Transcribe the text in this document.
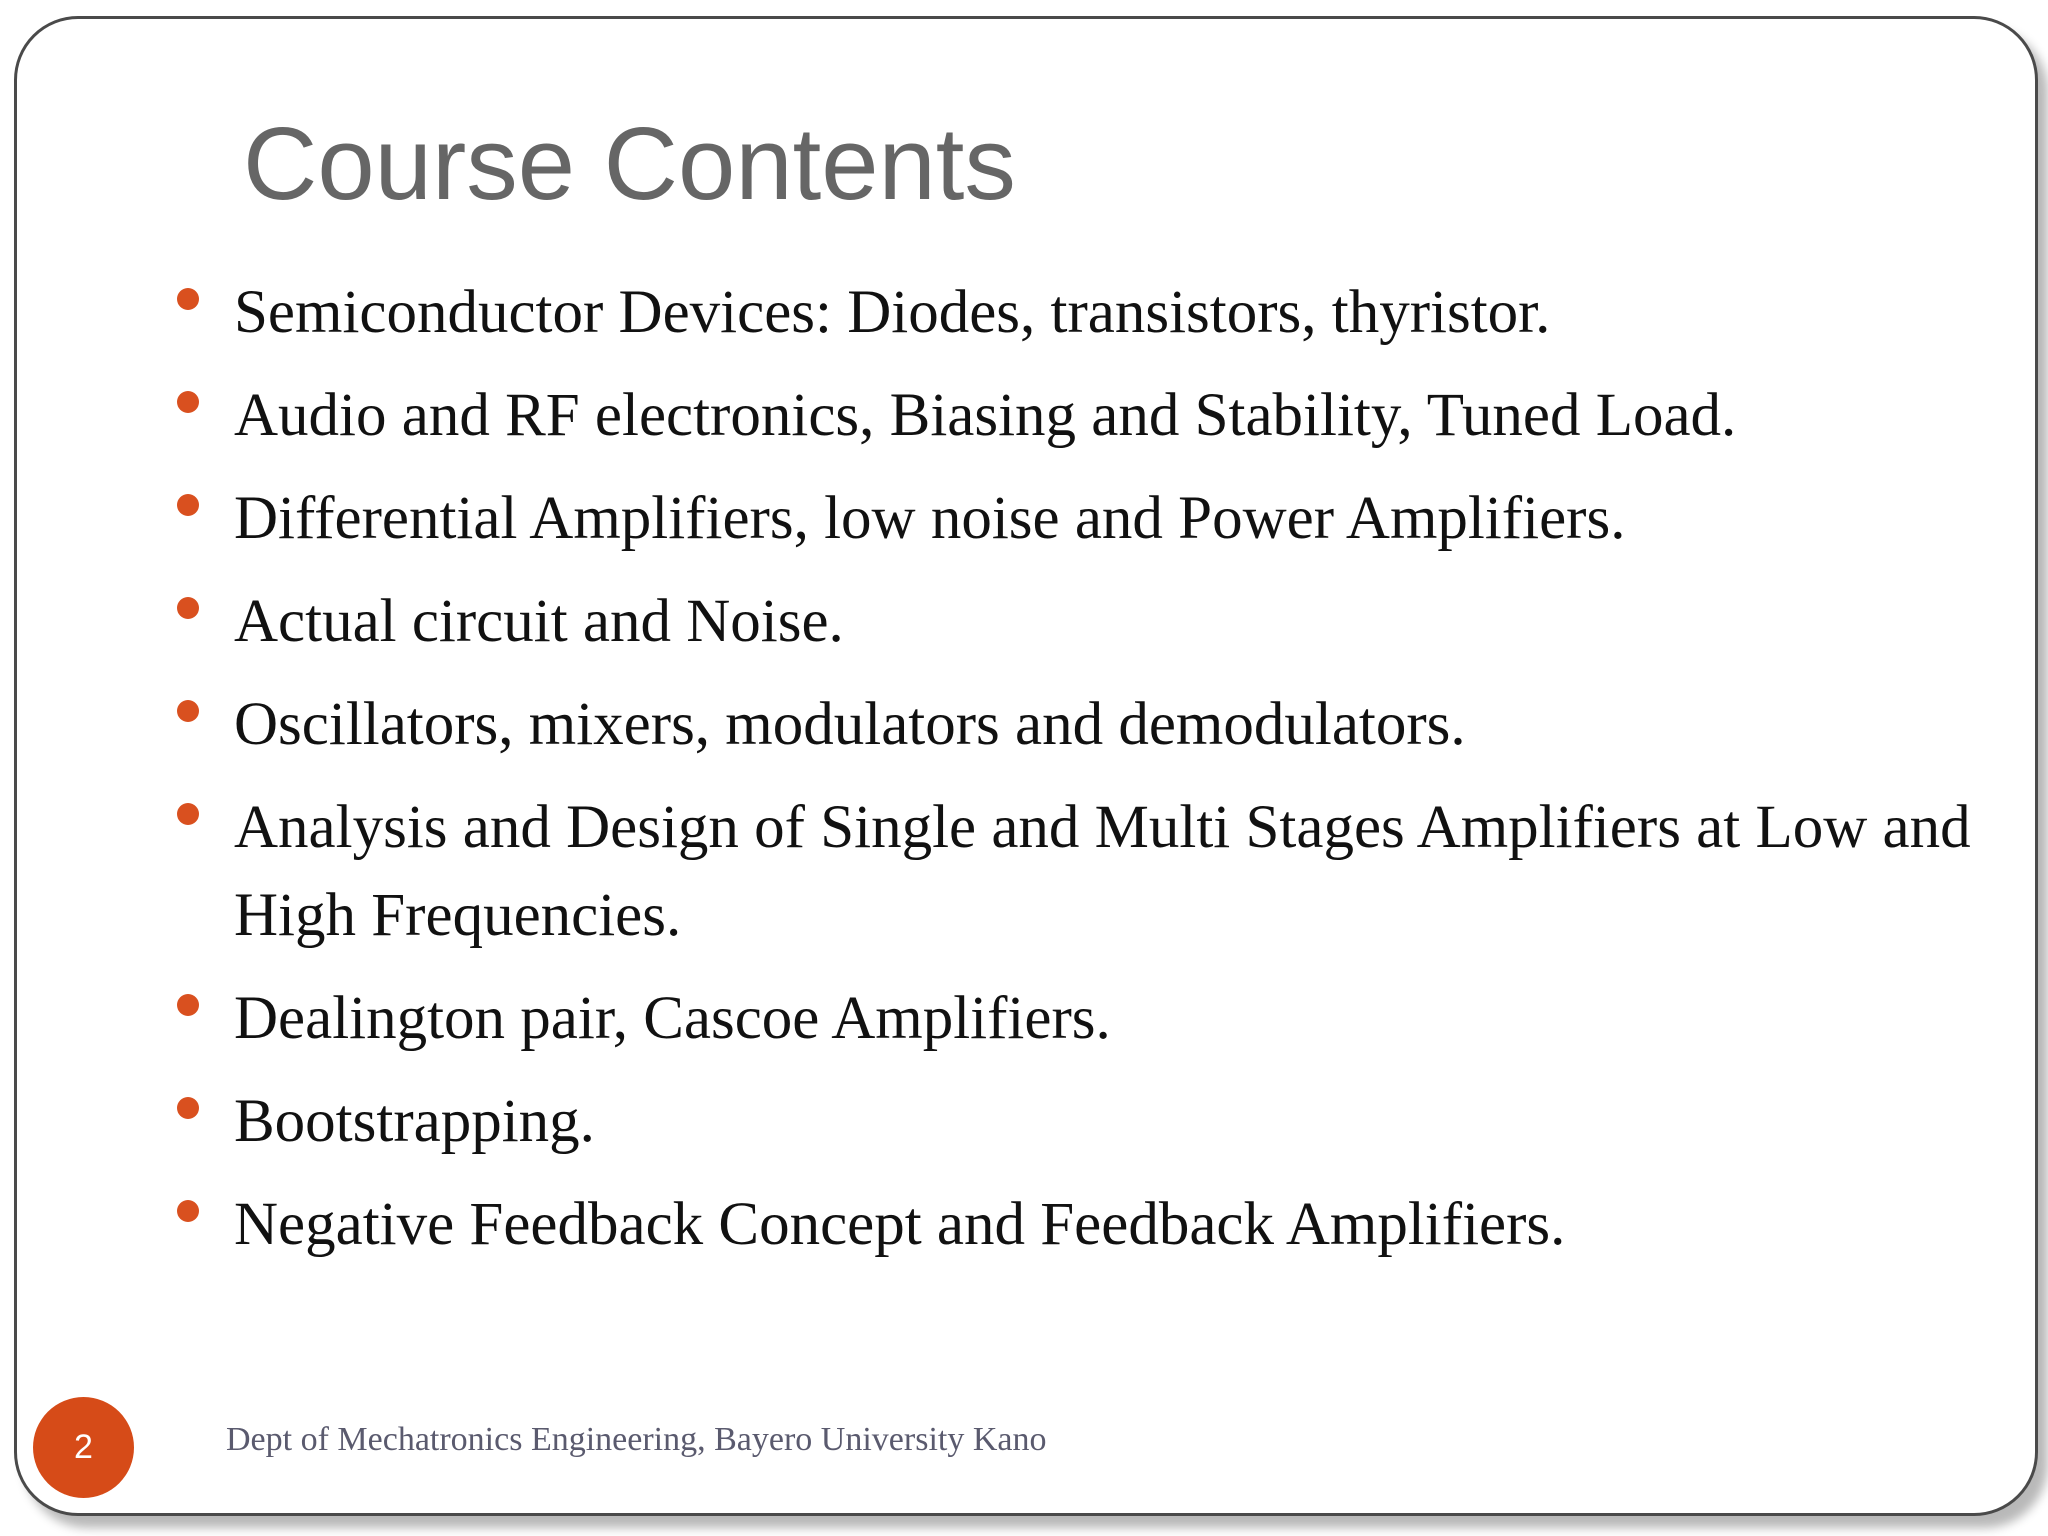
Course Contents
Semiconductor Devices: Diodes, transistors, thyristor.
Audio and RF electronics, Biasing and Stability, Tuned Load.
Differential Amplifiers, low noise and Power Amplifiers.
Actual circuit and Noise.
Oscillators, mixers, modulators and demodulators.
Analysis and Design of Single and Multi Stages Amplifiers at Low and High Frequencies.
Dealington pair, Cascoe Amplifiers.
Bootstrapping.
Negative Feedback Concept and Feedback Amplifiers.
2	Dept of Mechatronics Engineering, Bayero University Kano
